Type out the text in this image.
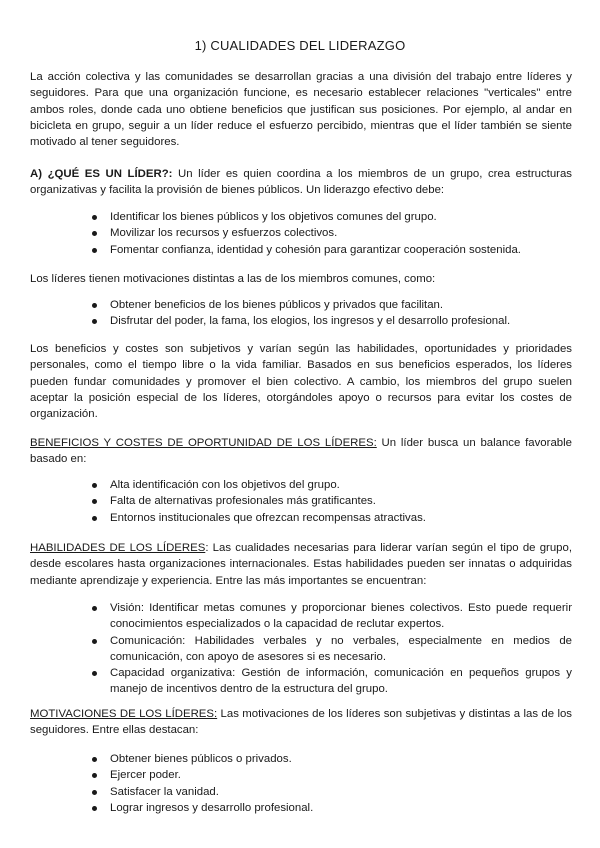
1) CUALIDADES DEL LIDERAZGO
La acción colectiva y las comunidades se desarrollan gracias a una división del trabajo entre líderes y seguidores. Para que una organización funcione, es necesario establecer relaciones "verticales" entre ambos roles, donde cada uno obtiene beneficios que justifican sus posiciones. Por ejemplo, al andar en bicicleta en grupo, seguir a un líder reduce el esfuerzo percibido, mientras que el líder también se siente motivado al tener seguidores.
A) ¿QUÉ ES UN LÍDER?: Un líder es quien coordina a los miembros de un grupo, crea estructuras organizativas y facilita la provisión de bienes públicos. Un liderazgo efectivo debe:
Identificar los bienes públicos y los objetivos comunes del grupo.
Movilizar los recursos y esfuerzos colectivos.
Fomentar confianza, identidad y cohesión para garantizar cooperación sostenida.
Los líderes tienen motivaciones distintas a las de los miembros comunes, como:
Obtener beneficios de los bienes públicos y privados que facilitan.
Disfrutar del poder, la fama, los elogios, los ingresos y el desarrollo profesional.
Los beneficios y costes son subjetivos y varían según las habilidades, oportunidades y prioridades personales, como el tiempo libre o la vida familiar. Basados en sus beneficios esperados, los líderes pueden fundar comunidades y promover el bien colectivo. A cambio, los miembros del grupo suelen aceptar la posición especial de los líderes, otorgándoles apoyo o recursos para evitar los costes de organización.
BENEFICIOS Y COSTES DE OPORTUNIDAD DE LOS LÍDERES: Un líder busca un balance favorable basado en:
Alta identificación con los objetivos del grupo.
Falta de alternativas profesionales más gratificantes.
Entornos institucionales que ofrezcan recompensas atractivas.
HABILIDADES DE LOS LÍDERES: Las cualidades necesarias para liderar varían según el tipo de grupo, desde escolares hasta organizaciones internacionales. Estas habilidades pueden ser innatas o adquiridas mediante aprendizaje y experiencia. Entre las más importantes se encuentran:
Visión: Identificar metas comunes y proporcionar bienes colectivos. Esto puede requerir conocimientos especializados o la capacidad de reclutar expertos.
Comunicación: Habilidades verbales y no verbales, especialmente en medios de comunicación, con apoyo de asesores si es necesario.
Capacidad organizativa: Gestión de información, comunicación en pequeños grupos y manejo de incentivos dentro de la estructura del grupo.
MOTIVACIONES DE LOS LÍDERES: Las motivaciones de los líderes son subjetivas y distintas a las de los seguidores. Entre ellas destacan:
Obtener bienes públicos o privados.
Ejercer poder.
Satisfacer la vanidad.
Lograr ingresos y desarrollo profesional.
